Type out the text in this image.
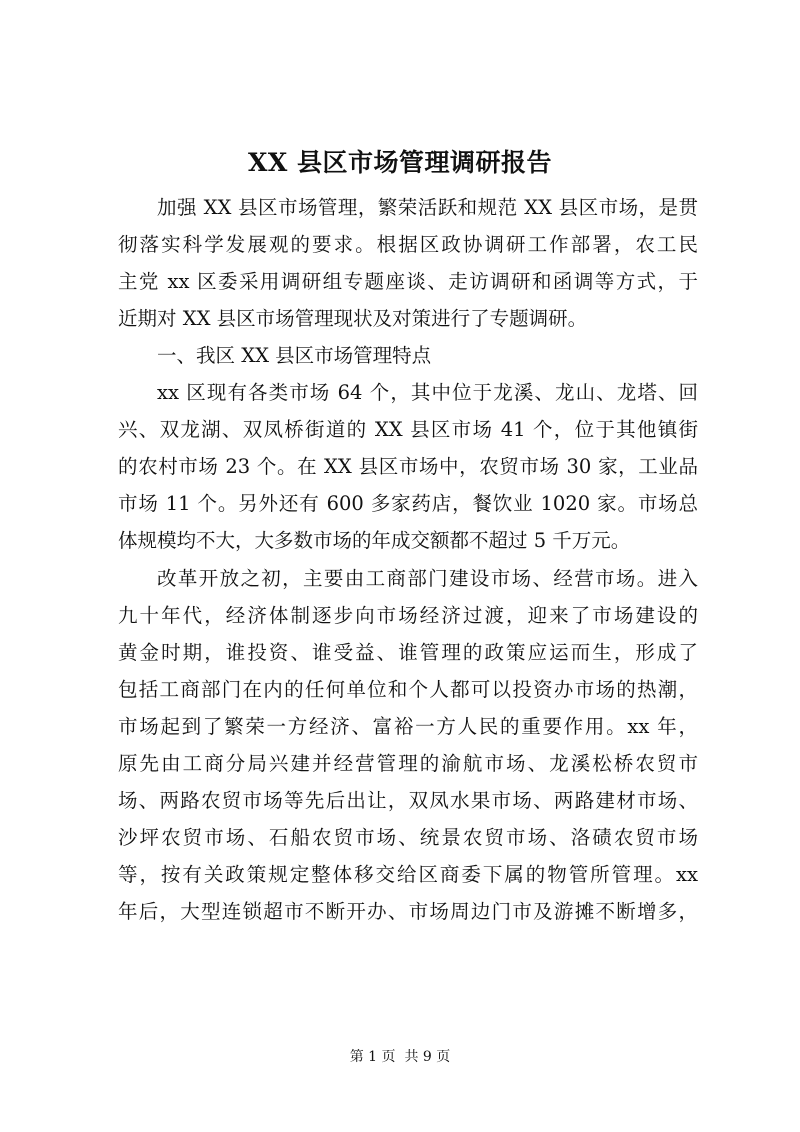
XX 县区市场管理调研报告
加强 XX 县区市场管理，繁荣活跃和规范 XX 县区市场，是贯
彻落实科学发展观的要求。根据区政协调研工作部署，农工民
主党 xx 区委采用调研组专题座谈、走访调研和函调等方式，于
近期对 XX 县区市场管理现状及对策进行了专题调研。
一、我区 XX 县区市场管理特点
xx 区现有各类市场 64 个，其中位于龙溪、龙山、龙塔、回
兴、双龙湖、双凤桥街道的 XX 县区市场 41 个，位于其他镇街
的农村市场 23 个。在 XX 县区市场中，农贸市场 30 家，工业品
市场 11 个。另外还有 600 多家药店，餐饮业 1020 家。市场总
体规模均不大，大多数市场的年成交额都不超过 5 千万元。
改革开放之初，主要由工商部门建设市场、经营市场。进入
九十年代，经济体制逐步向市场经济过渡，迎来了市场建设的
黄金时期，谁投资、谁受益、谁管理的政策应运而生，形成了
包括工商部门在内的任何单位和个人都可以投资办市场的热潮，
市场起到了繁荣一方经济、富裕一方人民的重要作用。xx 年，
原先由工商分局兴建并经营管理的渝航市场、龙溪松桥农贸市
场、两路农贸市场等先后出让，双凤水果市场、两路建材市场、
沙坪农贸市场、石船农贸市场、统景农贸市场、洛碛农贸市场
等，按有关政策规定整体移交给区商委下属的物管所管理。xx
年后，大型连锁超市不断开办、市场周边门市及游摊不断增多，
第 1 页  共 9 页
